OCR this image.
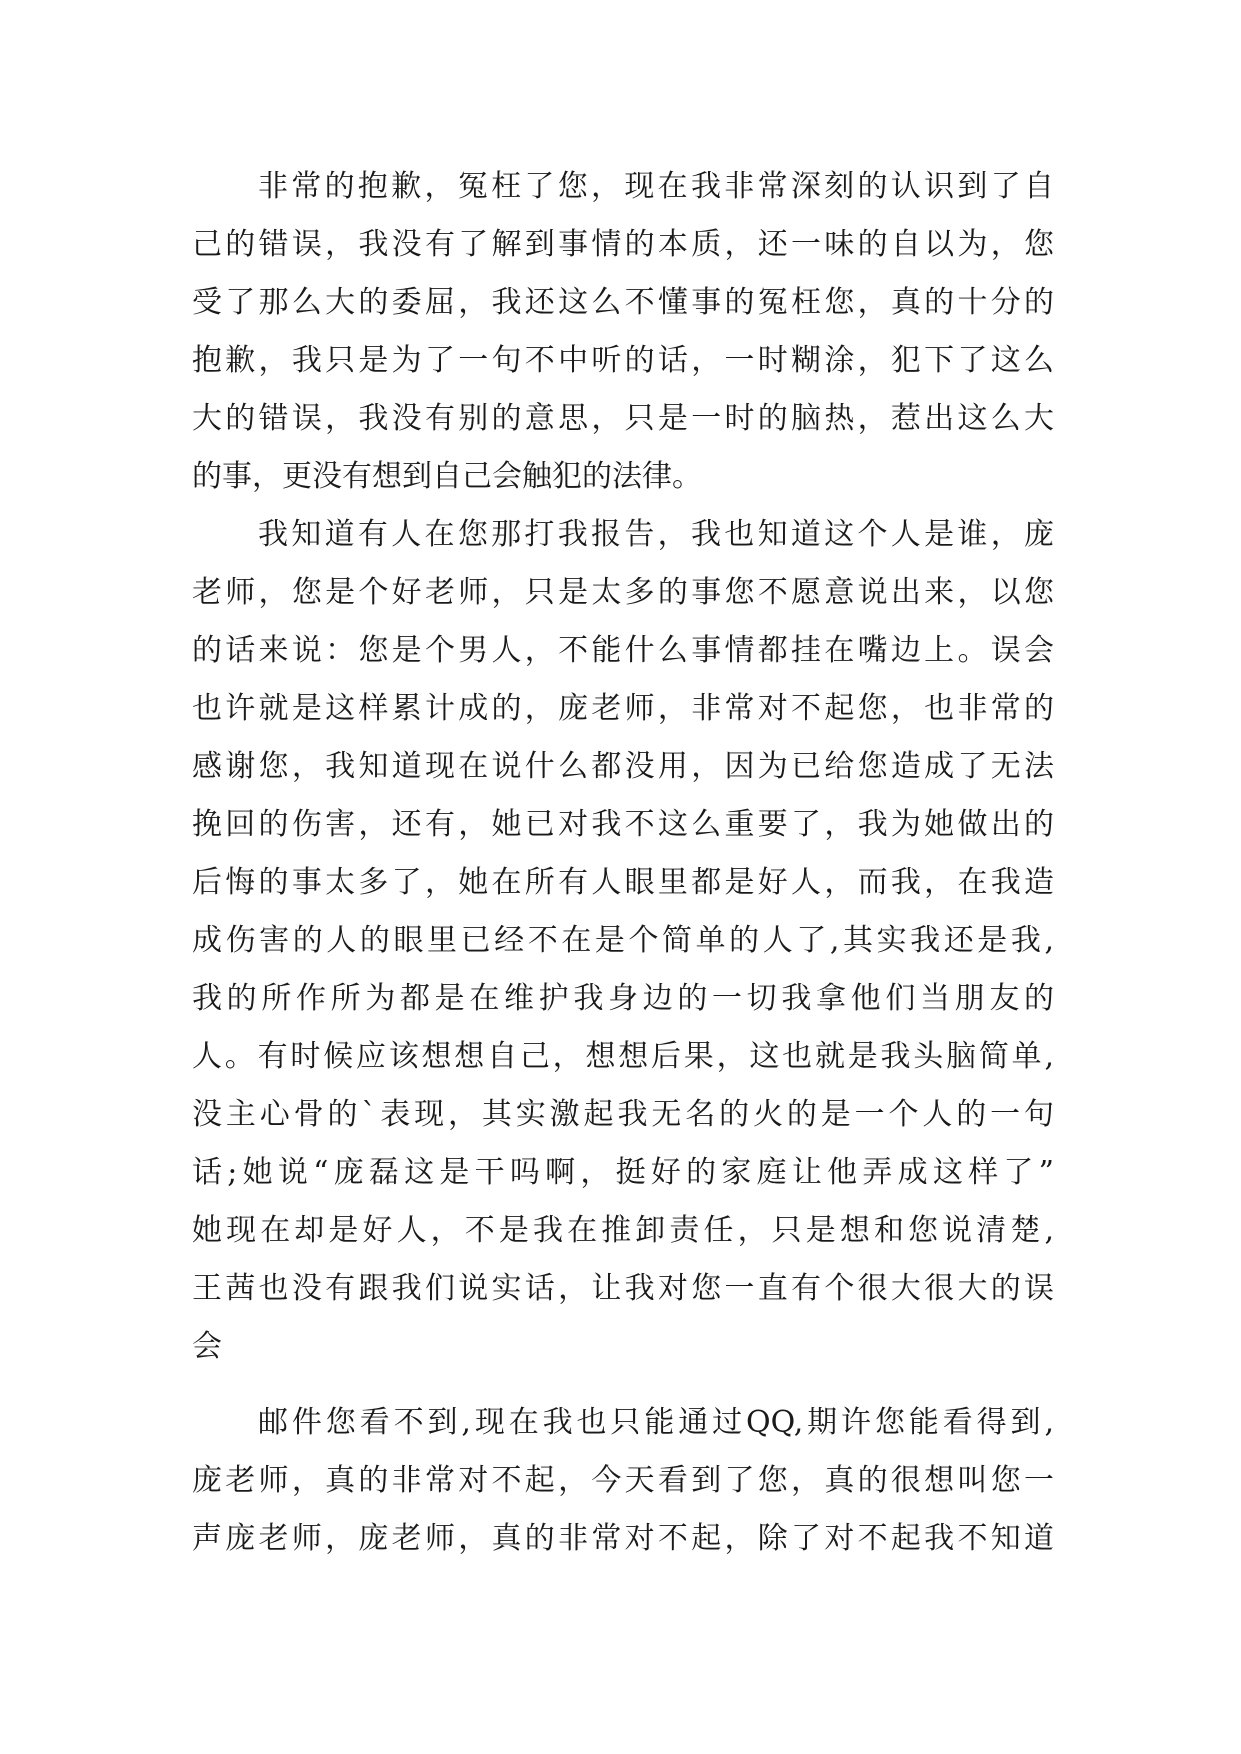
非常的抱歉，冤枉了您，现在我非常深刻的认识到了自
己的错误，我没有了解到事情的本质，还一味的自以为，您
受了那么大的委屈，我还这么不懂事的冤枉您，真的十分的
抱歉，我只是为了一句不中听的话，一时糊涂，犯下了这么
大的错误，我没有别的意思，只是一时的脑热，惹出这么大
的事，更没有想到自己会触犯的法律。
我知道有人在您那打我报告，我也知道这个人是谁，庞
老师，您是个好老师，只是太多的事您不愿意说出来，以您
的话来说：您是个男人，不能什么事情都挂在嘴边上。误会
也许就是这样累计成的，庞老师，非常对不起您，也非常的
感谢您，我知道现在说什么都没用，因为已给您造成了无法
挽回的伤害，还有，她已对我不这么重要了，我为她做出的
后悔的事太多了，她在所有人眼里都是好人，而我，在我造
成伤害的人的眼里已经不在是个简单的人了,其实我还是我,
我的所作所为都是在维护我身边的一切我拿他们当朋友的
人。有时候应该想想自己，想想后果，这也就是我头脑简单,
没主心骨的`表现，其实激起我无名的火的是一个人的一句
话;她说“庞磊这是干吗啊，挺好的家庭让他弄成这样了”
她现在却是好人，不是我在推卸责任，只是想和您说清楚,
王茜也没有跟我们说实话，让我对您一直有个很大很大的误
会
邮件您看不到,现在我也只能通过QQ,期许您能看得到,
庞老师，真的非常对不起，今天看到了您，真的很想叫您一
声庞老师，庞老师，真的非常对不起，除了对不起我不知道
